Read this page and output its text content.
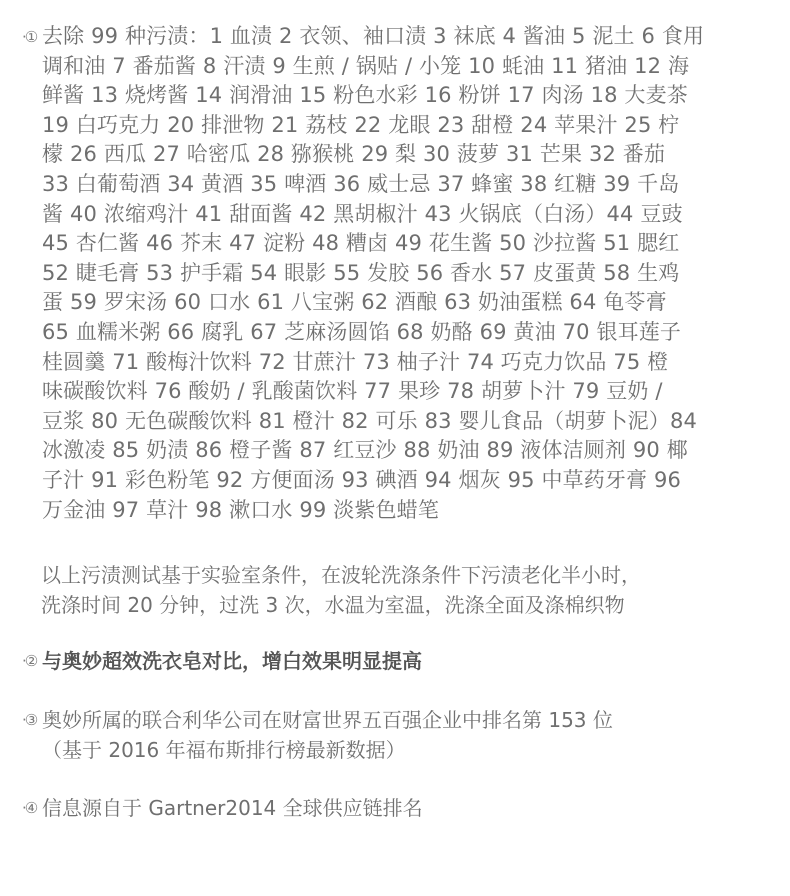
·① 去除 99 种污渍：1 血渍 2 衣领、袖口渍 3 袜底 4 酱油 5 泥土 6 食用
调和油 7 番茄酱 8 汗渍 9 生煎 / 锅贴 / 小笼 10 蚝油 11 猪油 12 海
鲜酱 13 烧烤酱 14 润滑油 15 粉色水彩 16 粉饼 17 肉汤 18 大麦茶
19 白巧克力 20 排泄物 21 荔枝 22 龙眼 23 甜橙 24 苹果汁 25 柠
檬 26 西瓜 27 哈密瓜 28 猕猴桃 29 梨 30 菠萝 31 芒果 32 番茄
33 白葡萄酒 34 黄酒 35 啤酒 36 威士忌 37 蜂蜜 38 红糖 39 千岛
酱 40 浓缩鸡汁 41 甜面酱 42 黑胡椒汁 43 火锅底（白汤）44 豆豉
45 杏仁酱 46 芥末 47 淀粉 48 糟卤 49 花生酱 50 沙拉酱 51 腮红
52 睫毛膏 53 护手霜 54 眼影 55 发胶 56 香水 57 皮蛋黄 58 生鸡
蛋 59 罗宋汤 60 口水 61 八宝粥 62 酒酿 63 奶油蛋糕 64 龟苓膏
65 血糯米粥 66 腐乳 67 芝麻汤圆馅 68 奶酪 69 黄油 70 银耳莲子
桂圆羹 71 酸梅汁饮料 72 甘蔗汁 73 柚子汁 74 巧克力饮品 75 橙
味碳酸饮料 76 酸奶 / 乳酸菌饮料 77 果珍 78 胡萝卜汁 79 豆奶 /
豆浆 80 无色碳酸饮料 81 橙汁 82 可乐 83 婴儿食品（胡萝卜泥）84
冰激凌 85 奶渍 86 橙子酱 87 红豆沙 88 奶油 89 液体洁厕剂 90 椰
子汁 91 彩色粉笔 92 方便面汤 93 碘酒 94 烟灰 95 中草药牙膏 96
万金油 97 草汁 98 漱口水 99 淡紫色蜡笔
以上污渍测试基于实验室条件，在波轮洗涤条件下污渍老化半小时，
洗涤时间 20 分钟，过洗 3 次，水温为室温，洗涤全面及涤棉织物
·② 与奥妙超效洗衣皂对比，增白效果明显提高
·③ 奥妙所属的联合利华公司在财富世界五百强企业中排名第 153 位
（基于 2016 年福布斯排行榜最新数据）
·④ 信息源自于 Gartner2014 全球供应链排名
